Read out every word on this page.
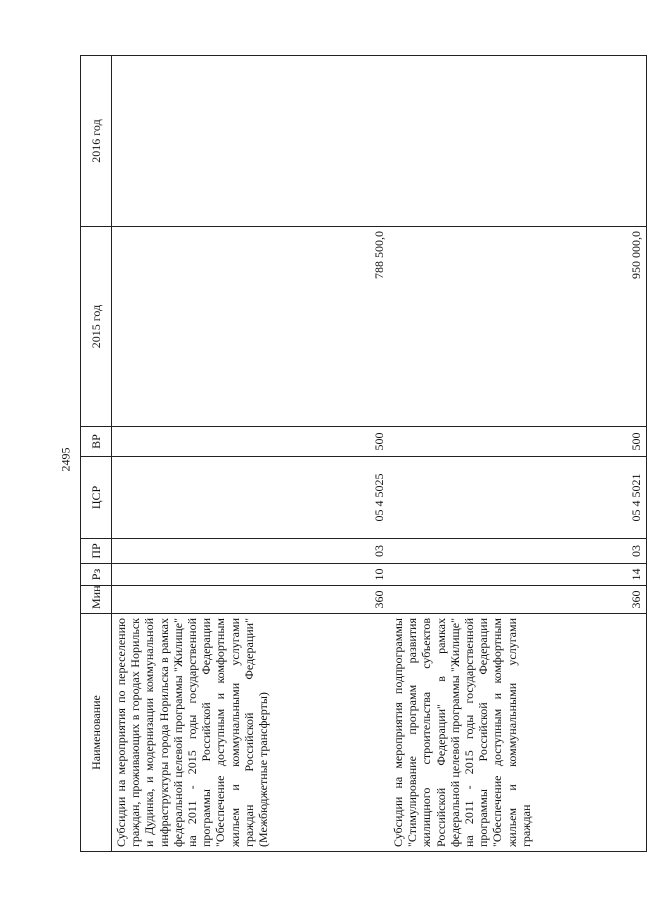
2495
Наименование	Мин	Рз	ПР	ЦСР	ВР	2015 год	2016 год
Субсидии на мероприятия по переселению граждан, проживающих в городах Норильск и Дудинка, и модернизации коммунальной инфраструктуры города Норильска в рамках федеральной целевой программы "Жилище" на 2011 - 2015 годы государственной программы Российской Федерации "Обеспечение доступным и комфортным жильем и коммунальными услугами граждан Российской Федерации" (Межбюджетные трансферты)	360	10	03	05 4 5025	500	788 500,0	
Субсидии на мероприятия подпрограммы "Стимулирование программ развития жилищного строительства субъектов Российской Федерации" в рамках федеральной целевой программы "Жилище" на 2011 - 2015 годы государственной программы Российской Федерации "Обеспечение доступным и комфортным жильем и коммунальными услугами граждан	360	14	03	05 4 5021	500	950 000,0	
